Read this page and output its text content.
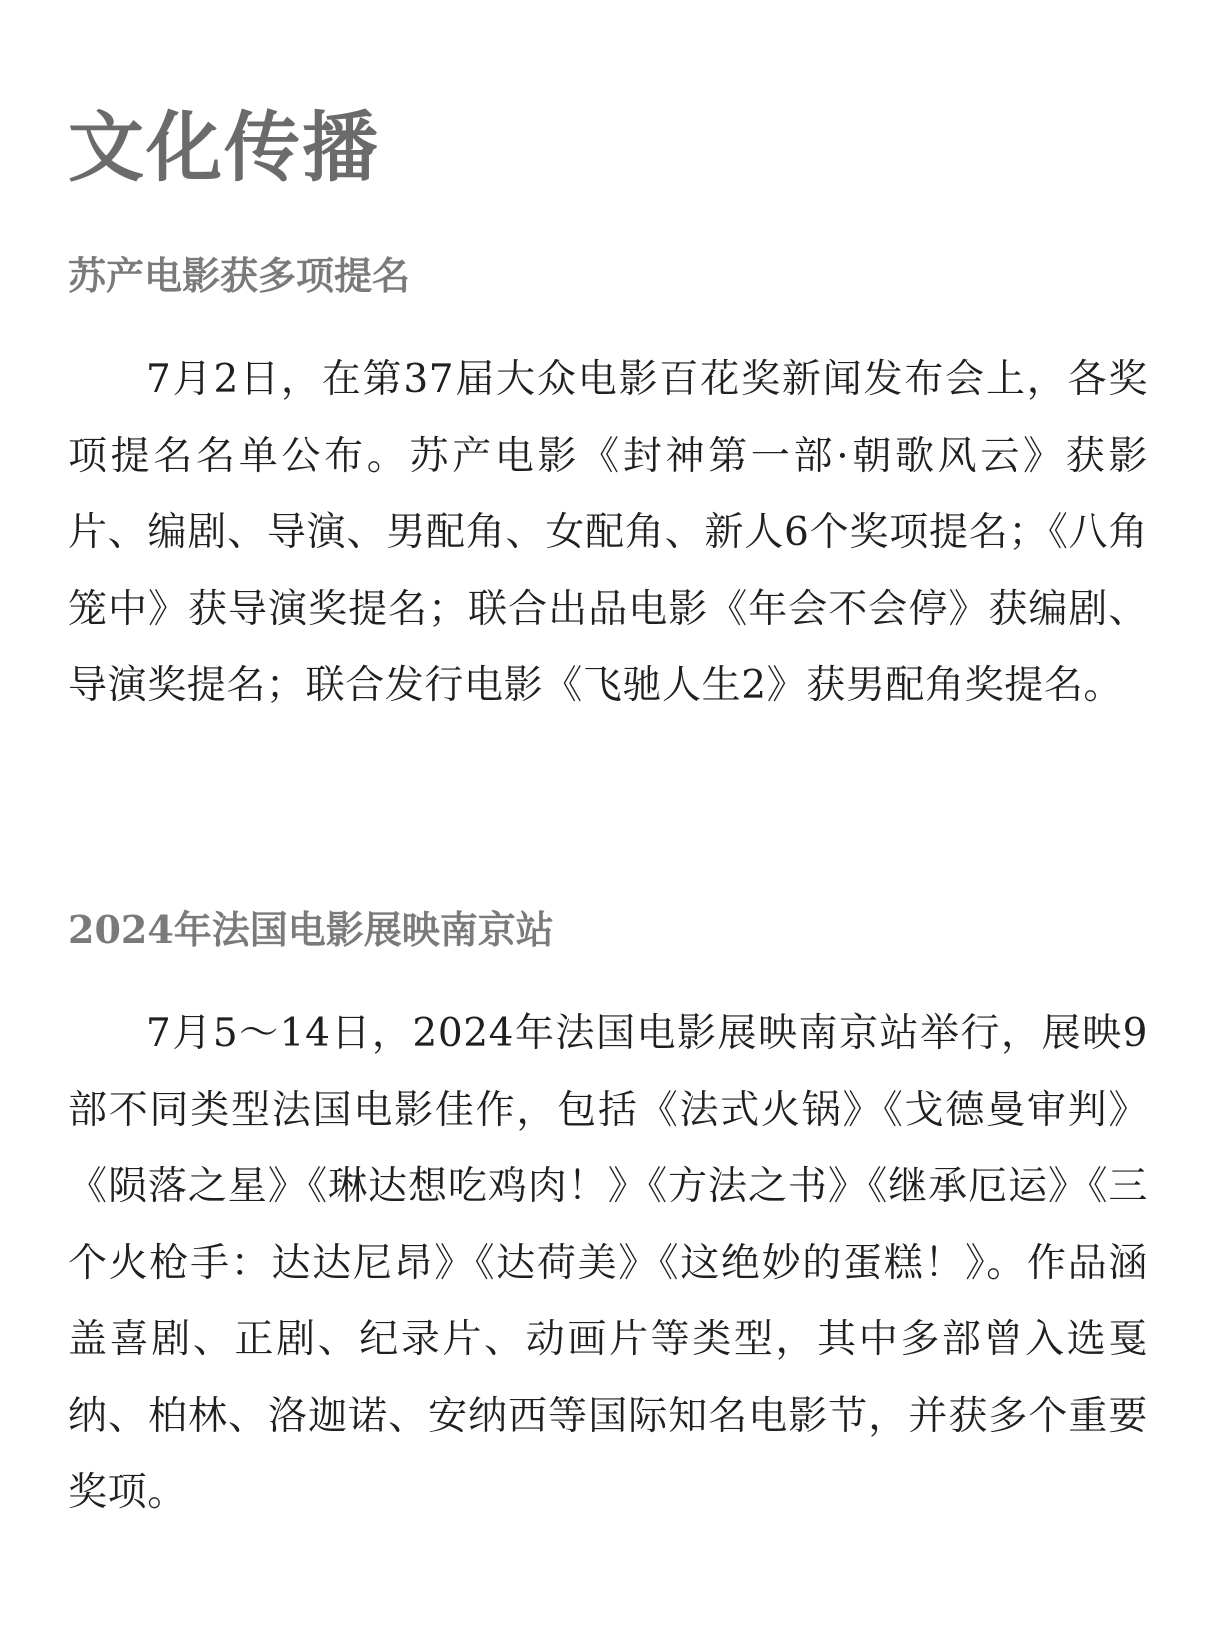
文化传播
苏产电影获多项提名

7月2日，在第37届大众电影百花奖新闻发布会上，各奖项提名名单公布。苏产电影《封神第一部·朝歌风云》获影片、编剧、导演、男配角、女配角、新人6个奖项提名；《八角笼中》获导演奖提名；联合出品电影《年会不会停》获编剧、导演奖提名；联合发行电影《飞驰人生2》获男配角奖提名。

2024年法国电影展映南京站

7月5～14日，2024年法国电影展映南京站举行，展映9部不同类型法国电影佳作，包括《法式火锅》《戈德曼审判》《陨落之星》《琳达想吃鸡肉！》《方法之书》《继承厄运》《三个火枪手：达达尼昂》《达荷美》《这绝妙的蛋糕！》。作品涵盖喜剧、正剧、纪录片、动画片等类型，其中多部曾入选戛纳、柏林、洛迦诺、安纳西等国际知名电影节，并获多个重要奖项。
